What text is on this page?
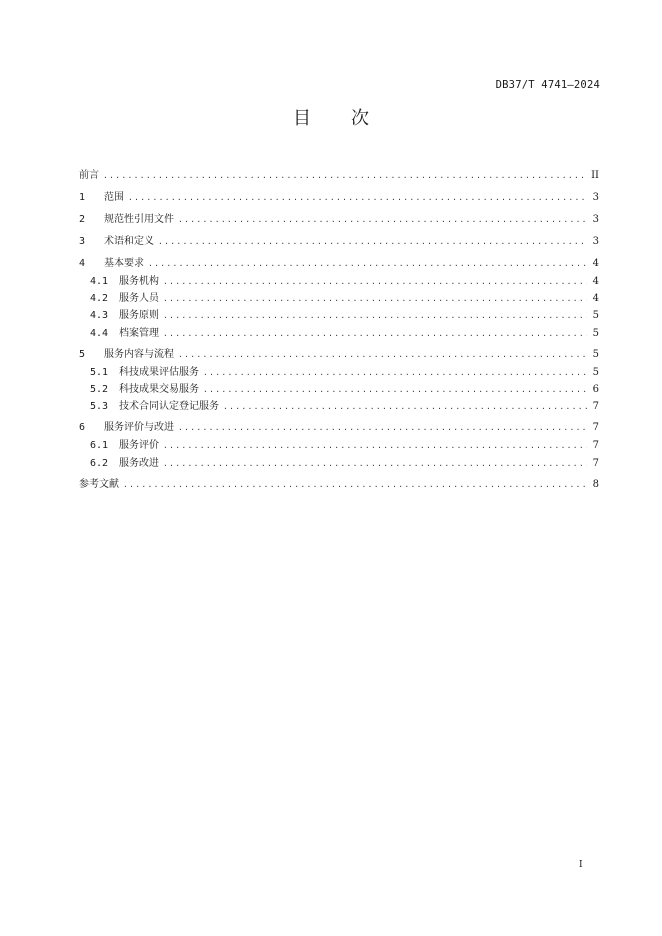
DB37/T 4741—2024
目 次
前言 .....	II
1	范围 .....	3
2	规范性引用文件 .....	3
3	术语和定义 .....	3
4	基本要求 .....	4
4.1 服务机构 .....	4
4.2 服务人员 .....	4
4.3 服务原则 .....	5
4.4 档案管理 .....	5
5	服务内容与流程 .....	5
5.1 科技成果评估服务 .....	5
5.2 科技成果交易服务 .....	6
5.3 技术合同认定登记服务 .....	7
6	服务评价与改进 .....	7
6.1 服务评价 .....	7
6.2 服务改进 .....	7
参考文献 .....	8
I
